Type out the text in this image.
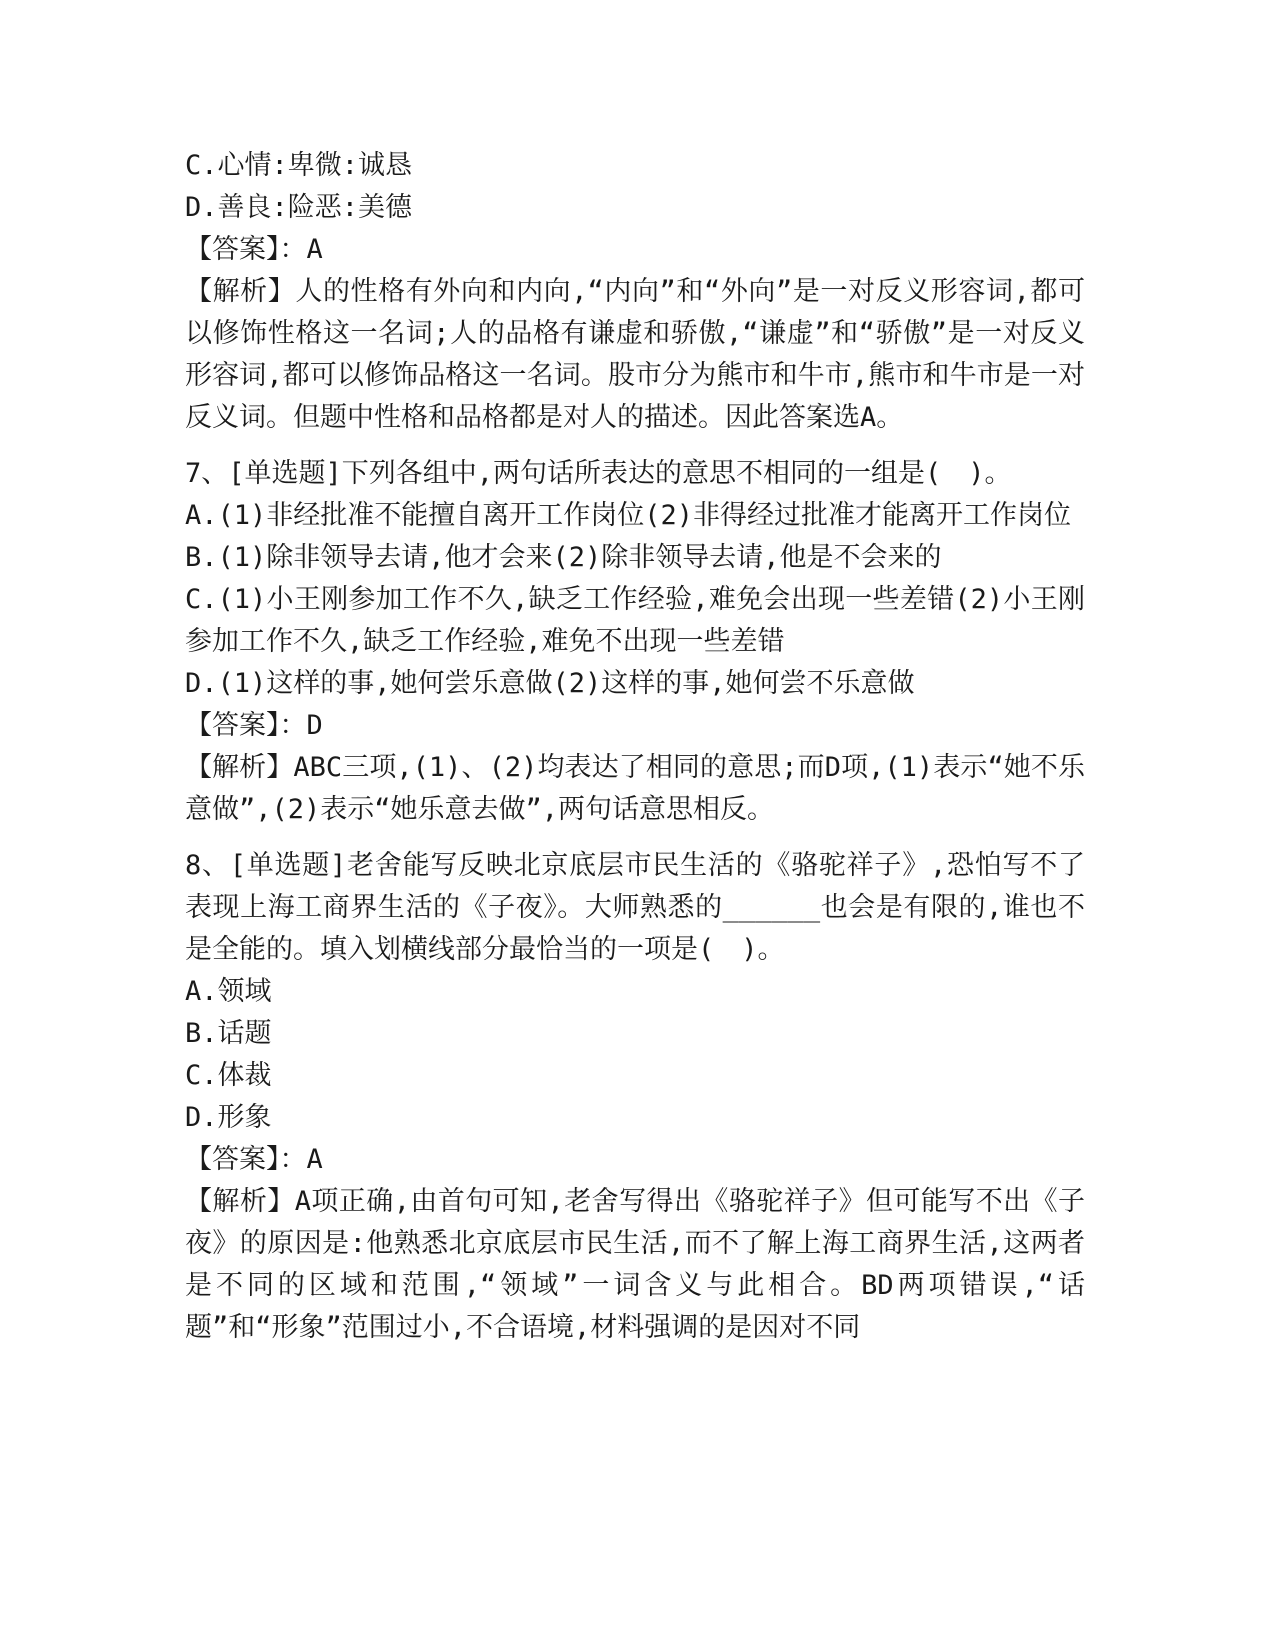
C.心情:卑微:诚恳

D.善良:险恶:美德

【答案】：A

【解析】人的性格有外向和内向,“内向”和“外向”是一对反义形容词,都可以修饰性格这一名词;人的品格有谦虚和骄傲,“谦虚”和“骄傲”是一对反义形容词,都可以修饰品格这一名词。股市分为熊市和牛市,熊市和牛市是一对反义词。但题中性格和品格都是对人的描述。因此答案选A。

7、[单选题]下列各组中,两句话所表达的意思不相同的一组是(　)。

A.(1)非经批准不能擅自离开工作岗位(2)非得经过批准才能离开工作岗位

B.(1)除非领导去请,他才会来(2)除非领导去请,他是不会来的

C.(1)小王刚参加工作不久,缺乏工作经验,难免会出现一些差错(2)小王刚参加工作不久,缺乏工作经验,难免不出现一些差错

D.(1)这样的事,她何尝乐意做(2)这样的事,她何尝不乐意做

【答案】：D

【解析】ABC三项,(1)、(2)均表达了相同的意思;而D项,(1)表示“她不乐意做”,(2)表示“她乐意去做”,两句话意思相反。

8、[单选题]老舍能写反映北京底层市民生活的《骆驼祥子》,恐怕写不了表现上海工商界生活的《子夜》。大师熟悉的______也会是有限的,谁也不是全能的。填入划横线部分最恰当的一项是(　)。

A.领域

B.话题

C.体裁

D.形象

【答案】：A

【解析】A项正确,由首句可知,老舍写得出《骆驼祥子》但可能写不出《子夜》的原因是:他熟悉北京底层市民生活,而不了解上海工商界生活,这两者是不同的区域和范围,“领域”一词含义与此相合。BD两项错误,“话题”和“形象”范围过小,不合语境,材料强调的是因对不同
